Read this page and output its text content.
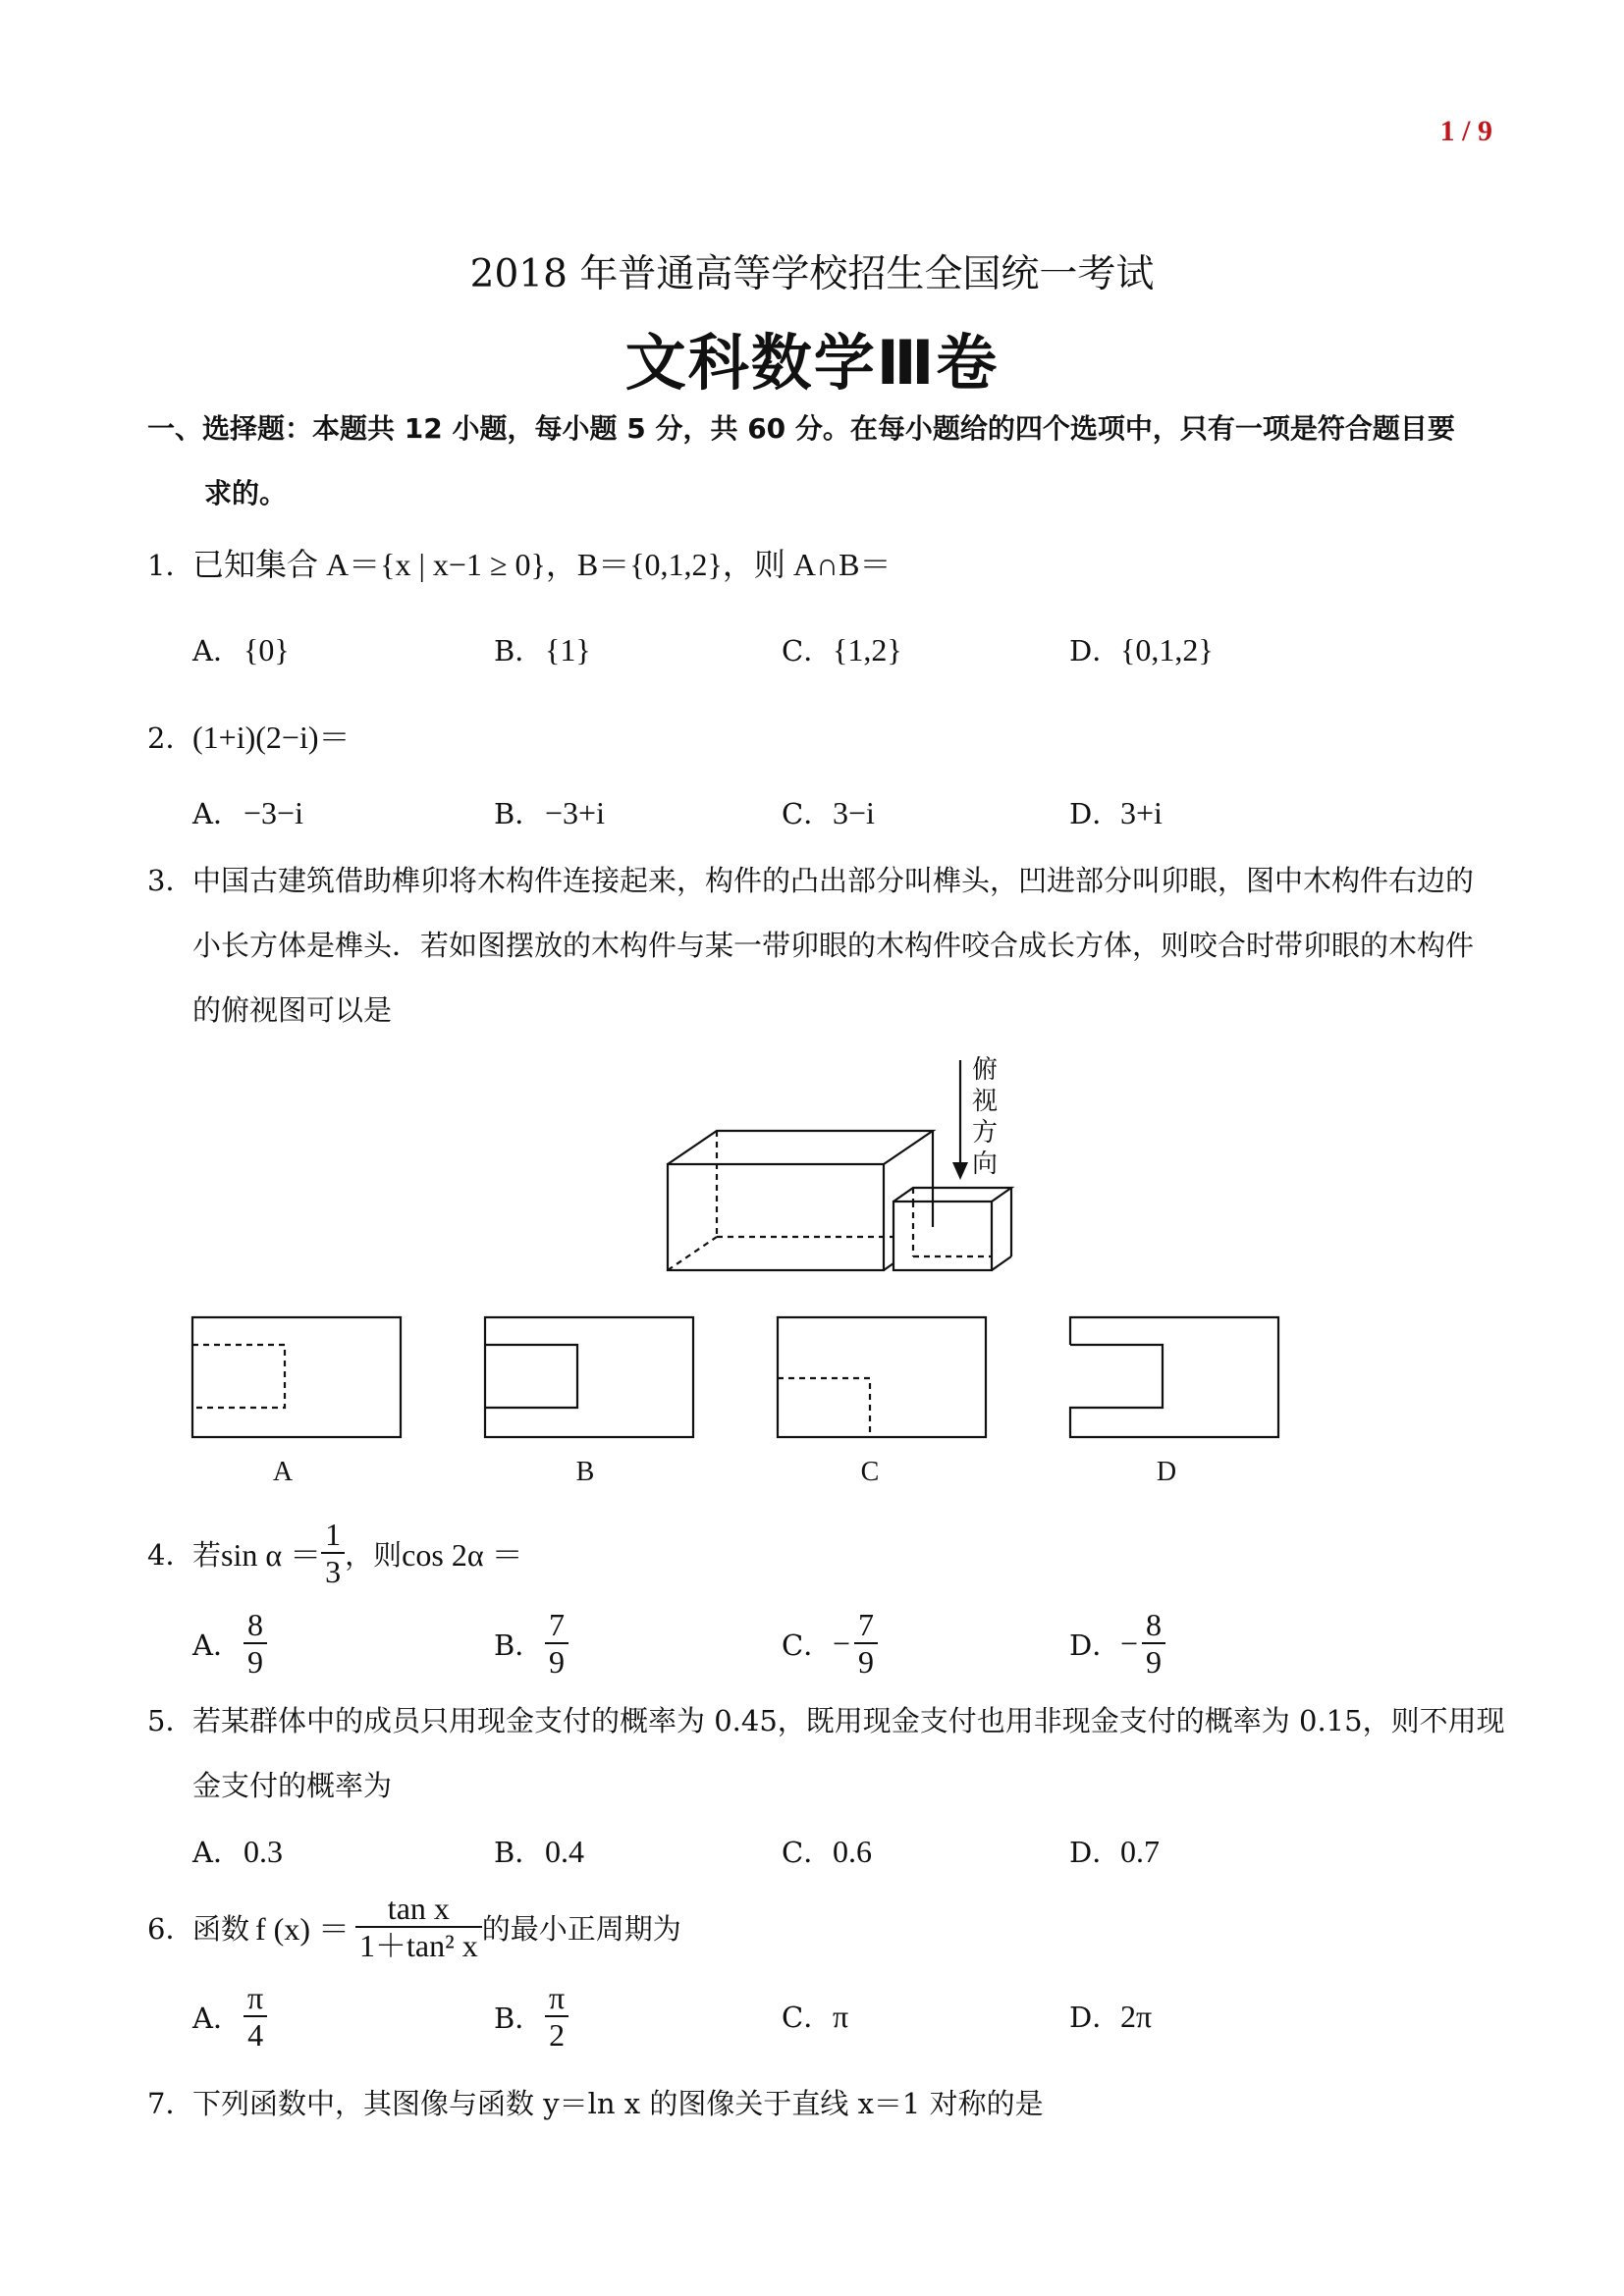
1 / 9
2018 年普通高等学校招生全国统一考试
文科数学Ⅲ卷
一、选择题：本题共 12 小题，每小题 5 分，共 60 分。在每小题给的四个选项中，只有一项是符合题目要
求的。
1．已知集合 A＝{x | x−1 ≥ 0}，B＝{0,1,2}，则 A∩B＝
A．{0}	B．{1}	C．{1,2}	D．{0,1,2}
2．(1+i)(2−i)＝
A．−3−i	B．−3+i	C．3−i	D．3+i
3．中国古建筑借助榫卯将木构件连接起来，构件的凸出部分叫榫头，凹进部分叫卯眼，图中木构件右边的
小长方体是榫头．若如图摆放的木构件与某一带卯眼的木构件咬合成长方体，则咬合时带卯眼的木构件
的俯视图可以是
俯
视
方
向
A	B	C	D
4．
若 $\sin \alpha = \frac{1}{3}$ ，则 cos 2α ＝
A． $\frac{8}{9}$	B． $\frac{7}{9}$	C． − $\frac{7}{9}$	D． − $\frac{8}{9}$
5．若某群体中的成员只用现金支付的概率为 0.45，既用现金支付也用非现金支付的概率为 0.15，则不用现
金支付的概率为
A．0.3	B．0.4	C．0.6	D．0.7
6．
函数 f $(x) = \frac{\text{tan x}}{\text{1＋tan² x}}$ 的最小正周期为
A． $\frac{\pi}{4}$	B． $\frac{\pi}{2}$	C．π	D．2π
7．下列函数中，其图像与函数 y＝ln x 的图像关于直线 x＝1 对称的是
